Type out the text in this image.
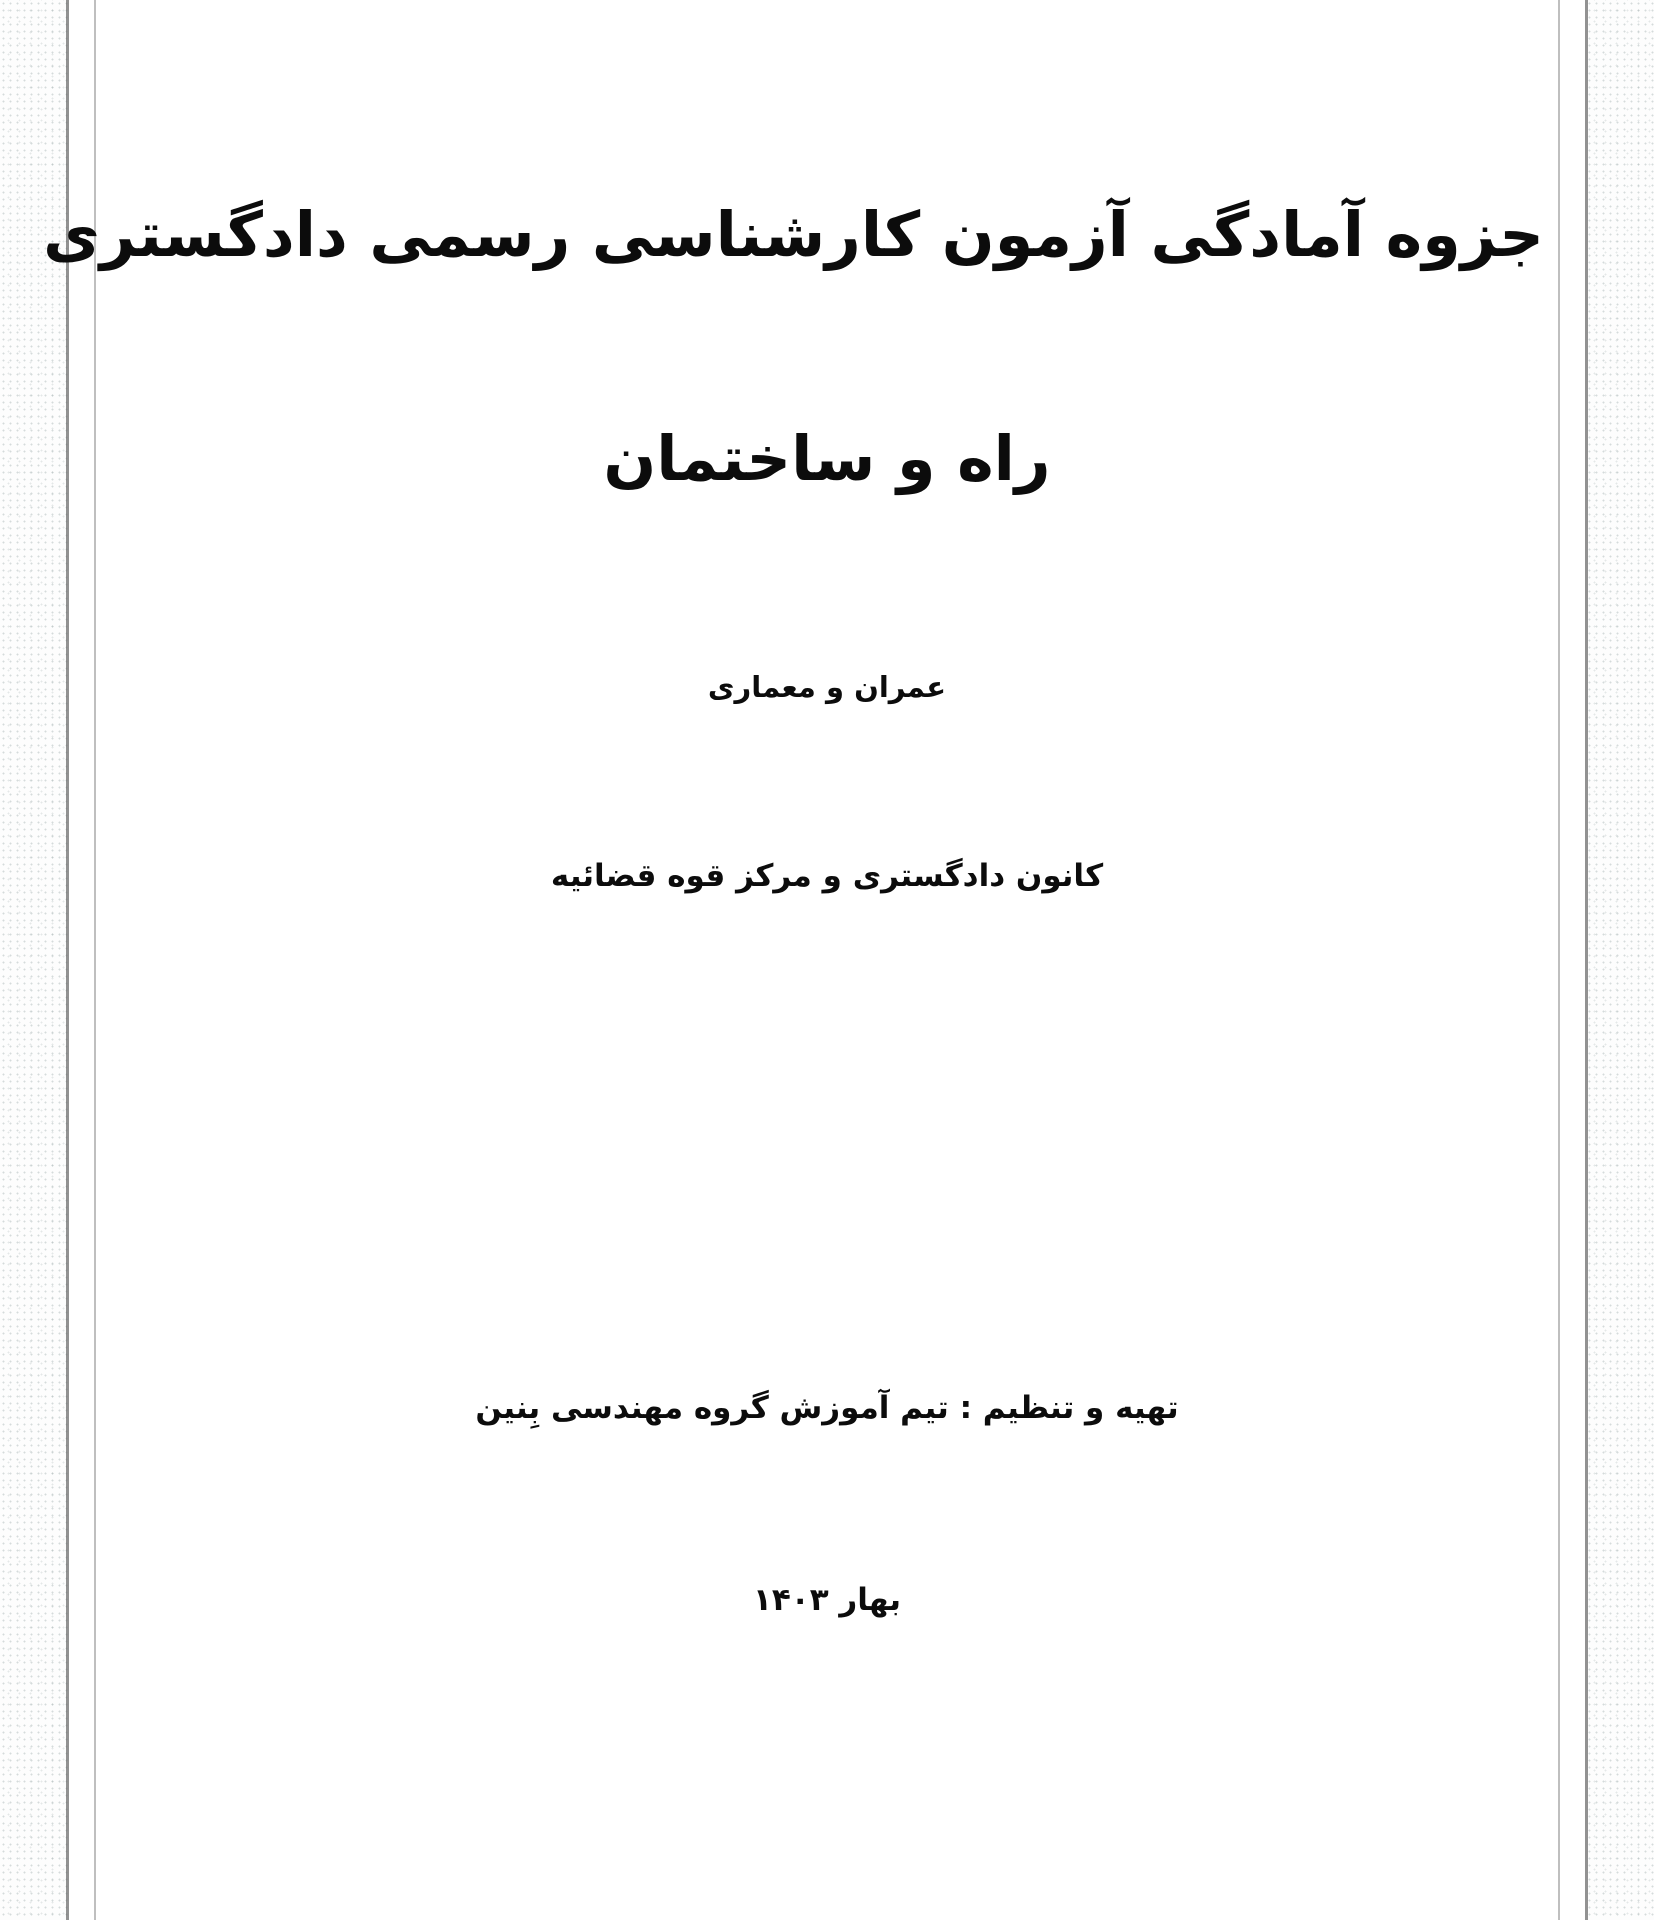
جزوه آمادگی آزمون کارشناسی رسمی دادگستری
راه و ساختمان
عمران و معماری
کانون دادگستری و مرکز قوه قضائیه
تهیه و تنظیم : تیم آموزش گروه مهندسی بِنین
بهار ۱۴۰۳
